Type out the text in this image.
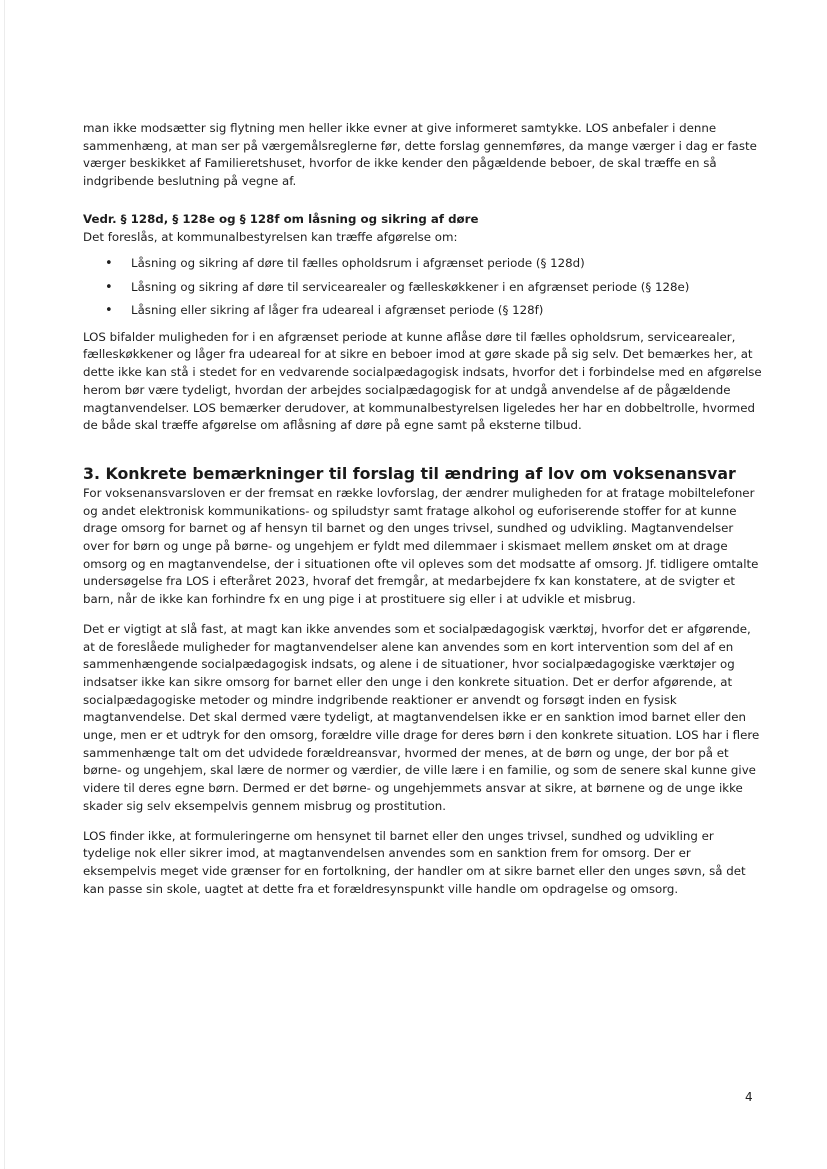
man ikke modsætter sig flytning men heller ikke evner at give informeret samtykke. LOS anbefaler i denne sammenhæng, at man ser på værgemålsreglerne før, dette forslag gennemføres, da mange værger i dag er faste værger beskikket af Familieretshuset, hvorfor de ikke kender den pågældende beboer, de skal træffe en så indgribende beslutning på vegne af.

Vedr. § 128d, § 128e og § 128f om låsning og sikring af døre

Det foreslås, at kommunalbestyrelsen kan træffe afgørelse om:

• Låsning og sikring af døre til fælles opholdsrum i afgrænset periode (§ 128d)
• Låsning og sikring af døre til servicearealer og fælleskøkkener i en afgrænset periode (§ 128e)
• Låsning eller sikring af låger fra udeareal i afgrænset periode (§ 128f)

LOS bifalder muligheden for i en afgrænset periode at kunne aflåse døre til fælles opholdsrum, servicearealer, fælleskøkkener og låger fra udeareal for at sikre en beboer imod at gøre skade på sig selv. Det bemærkes her, at dette ikke kan stå i stedet for en vedvarende socialpædagogisk indsats, hvorfor det i forbindelse med en afgørelse herom bør være tydeligt, hvordan der arbejdes socialpædagogisk for at undgå anvendelse af de pågældende magtanvendelser. LOS bemærker derudover, at kommunalbestyrelsen ligeledes her har en dobbeltrolle, hvormed de både skal træffe afgørelse om aflåsning af døre på egne samt på eksterne tilbud.

3. Konkrete bemærkninger til forslag til ændring af lov om voksenansvar

For voksenansvarsloven er der fremsat en række lovforslag, der ændrer muligheden for at fratage mobiltelefoner og andet elektronisk kommunikations- og spiludstyr samt fratage alkohol og euforiserende stoffer for at kunne drage omsorg for barnet og af hensyn til barnet og den unges trivsel, sundhed og udvikling. Magtanvendelser over for børn og unge på børne- og ungehjem er fyldt med dilemmaer i skismaet mellem ønsket om at drage omsorg og en magtanvendelse, der i situationen ofte vil opleves som det modsatte af omsorg. Jf. tidligere omtalte undersøgelse fra LOS i efteråret 2023, hvoraf det fremgår, at medarbejdere fx kan konstatere, at de svigter et barn, når de ikke kan forhindre fx en ung pige i at prostituere sig eller i at udvikle et misbrug.

Det er vigtigt at slå fast, at magt kan ikke anvendes som et socialpædagogisk værktøj, hvorfor det er afgørende, at de foreslåede muligheder for magtanvendelser alene kan anvendes som en kort intervention som del af en sammenhængende socialpædagogisk indsats, og alene i de situationer, hvor socialpædagogiske værktøjer og indsatser ikke kan sikre omsorg for barnet eller den unge i den konkrete situation. Det er derfor afgørende, at socialpædagogiske metoder og mindre indgribende reaktioner er anvendt og forsøgt inden en fysisk magtanvendelse. Det skal dermed være tydeligt, at magtanvendelsen ikke er en sanktion imod barnet eller den unge, men er et udtryk for den omsorg, forældre ville drage for deres børn i den konkrete situation. LOS har i flere sammenhænge talt om det udvidede forældreansvar, hvormed der menes, at de børn og unge, der bor på et børne- og ungehjem, skal lære de normer og værdier, de ville lære i en familie, og som de senere skal kunne give videre til deres egne børn. Dermed er det børne- og ungehjemmets ansvar at sikre, at børnene og de unge ikke skader sig selv eksempelvis gennem misbrug og prostitution.

LOS finder ikke, at formuleringerne om hensynet til barnet eller den unges trivsel, sundhed og udvikling er tydelige nok eller sikrer imod, at magtanvendelsen anvendes som en sanktion frem for omsorg. Der er eksempelvis meget vide grænser for en fortolkning, der handler om at sikre barnet eller den unges søvn, så det kan passe sin skole, uagtet at dette fra et forældresynspunkt ville handle om opdragelse og omsorg.

4
